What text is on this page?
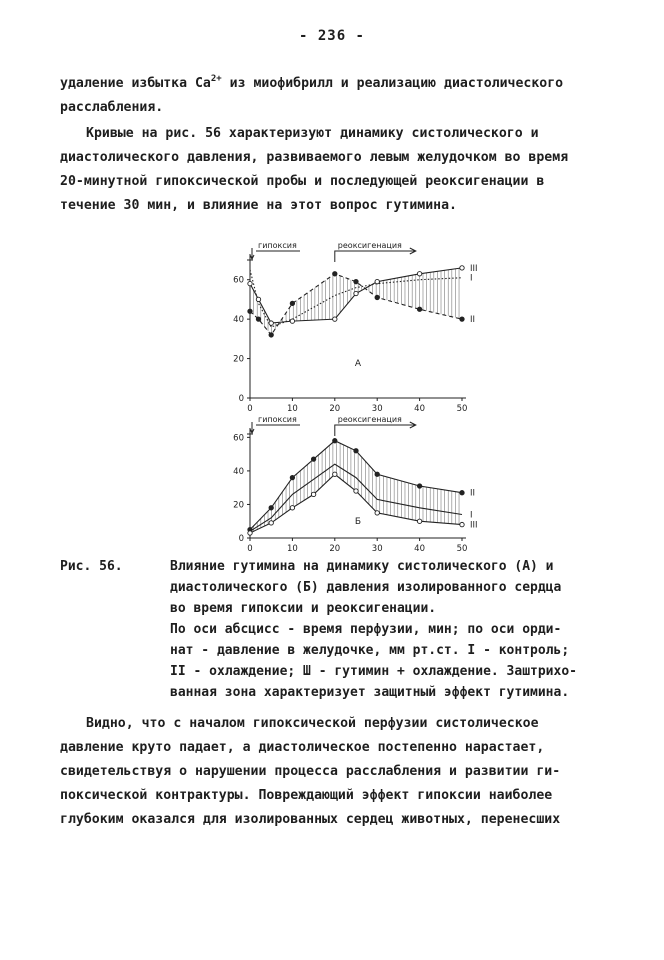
- 236 -
удаление избытка $Ca^{2+}$ из миофибрилл и реализацию диастолического
расслабления.
Кривые на рис. 56 характеризуют динамику систолического и
диастолического давления, развиваемого левым желудочком во время
20-минутной гипоксической пробы и последующей реоксигенации в
течение 30 мин, и влияние на этот вопрос гутимина.
0	10	20	30	40	50
0
20
40
60
гипоксия	реоксигенация
III
I
II
А
0	10	20	30	40	50
0
20
40
60
гипоксия	реоксигенация
II
I
III
Б
Рис. 56.	Влияние гутимина на динамику систолического (А) и
диастолического (Б) давления изолированного сердца
во время гипоксии и реоксигенации.
По оси абсцисс - время перфузии, мин; по оси орди-
нат - давление в желудочке, мм рт.ст. I - контроль;
II - охлаждение; Ш - гутимин + охлаждение. Заштрихо-
ванная зона характеризует защитный эффект гутимина.
Видно, что с началом гипоксической перфузии систолическое
давление круто падает, а диастолическое постепенно нарастает,
свидетельствуя о нарушении процесса расслабления и развитии ги-
поксической контрактуры. Повреждающий эффект гипоксии наиболее
глубоким оказался для изолированных сердец животных, перенесших
